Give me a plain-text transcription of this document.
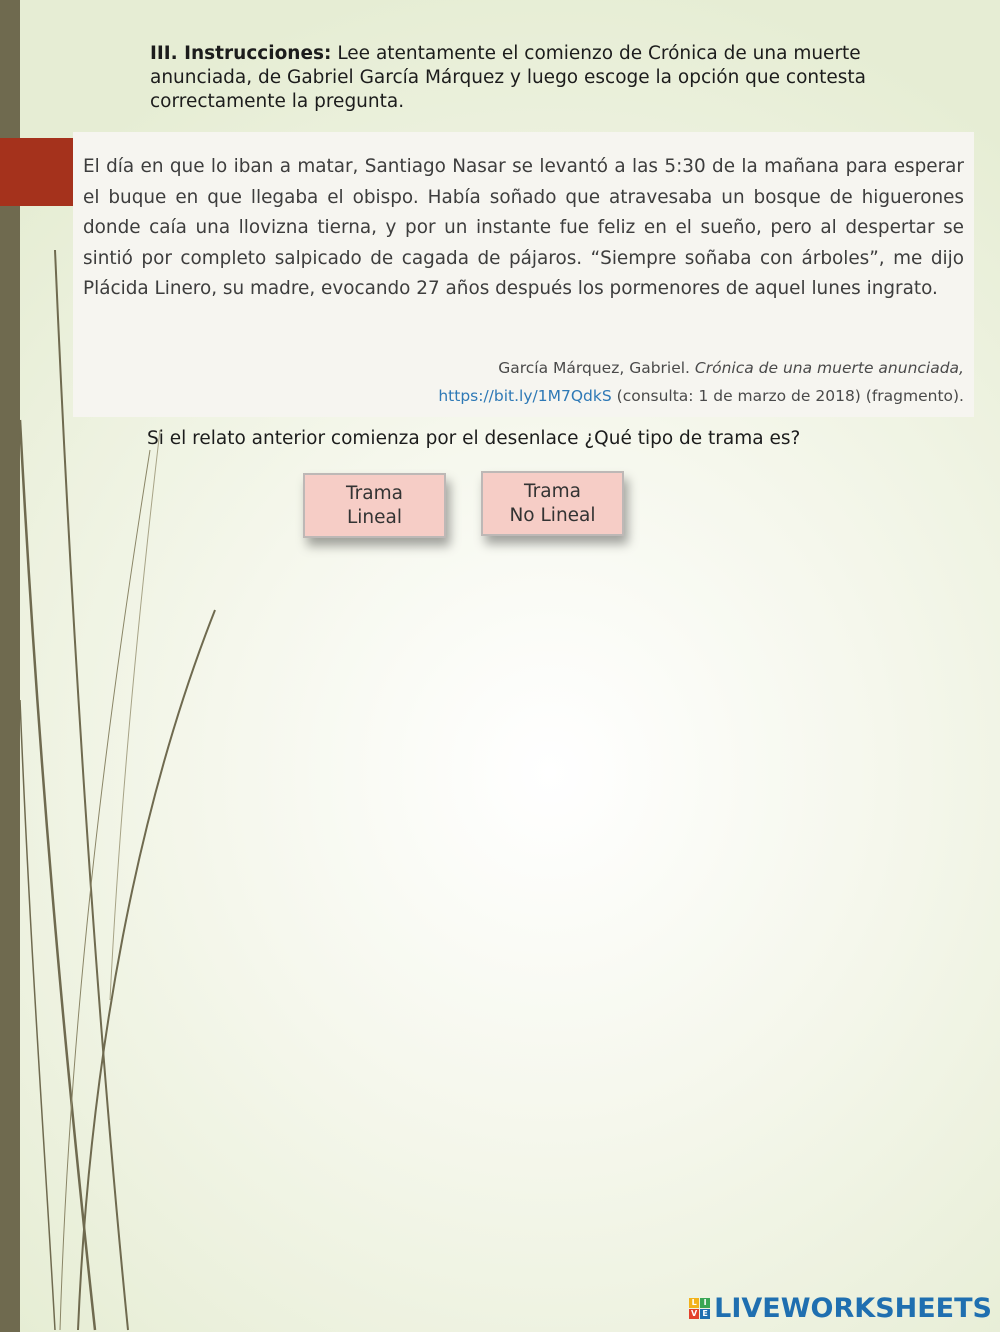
III. Instrucciones: Lee atentamente el comienzo de Crónica de una muerte anunciada, de Gabriel García Márquez y luego escoge la opción que contesta correctamente la pregunta.

El día en que lo iban a matar, Santiago Nasar se levantó a las 5:30 de la mañana para esperar el buque en que llegaba el obispo. Había soñado que atravesaba un bosque de higuerones donde caía una llovizna tierna, y por un instante fue feliz en el sueño, pero al despertar se sintió por completo salpicado de cagada de pájaros. “Siempre soñaba con árboles”, me dijo Plácida Linero, su madre, evocando 27 años después los pormenores de aquel lunes ingrato.

García Márquez, Gabriel. Crónica de una muerte anunciada,
https://bit.ly/1M7QdkS (consulta: 1 de marzo de 2018) (fragmento).

Si el relato anterior comienza por el desenlace ¿Qué tipo de trama es?

Trama
Lineal
Trama
No Lineal
L I
V E LIVEWORKSHEETS
